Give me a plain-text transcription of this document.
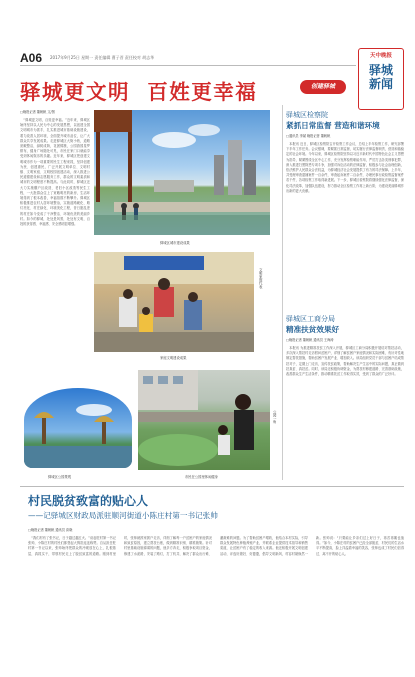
A06 2017年9月25日 星期一 责任编辑 曹子晋 责任校对 胡志华	天中晚报
驿城新闻
驿城更文明  百姓更幸福	创建驿城
□晚报记者 董帆帆 文/图
　“驿城更文明，百姓更幸福。”近年来，驿城区始终坚持以人民为中心的发展思想，以创建全国文明城市为抓手，扎实推进城市基础设施建设，着力改善人居环境，全面提升城市品位，让广大群众共享发展成果。走进驿城区大街小巷，道路宽敞整洁，绿树成荫，花团锦簇，公园游园星罗棋布，健身广场随处可见，市民在家门口就能享受到休闲娱乐的乐趣。近年来，驿城区把创建文明城市作为一项重要的民生工程来抓，坚持创建为民、创建惠民，广泛开展文明单位、文明村镇、文明家庭、文明校园创建活动，深入推进公民道德建设和志愿服务工作，群众的文明素质和城市的文明程度不断提高。与此同时，驿城区还大力实施棚户区改造、老旧小区改造等民生工程，一大批群众住上了宽敞明亮的新房，生活环境得到了根本改善，幸福指数不断攀升。驿城区积极推进农村人居环境整治，实施道路硬化、路灯亮化、村庄绿化、环境美化工程，昔日脏乱差的村庄如今变成了干净整洁、环境优美的美丽乡村。如今的驿城，处处是风景，处处有文明，百姓的获得感、幸福感、安全感明显增强。
驿城区城市建设成果
文明家庭代表
家庭文明建设成果
驿城区公园景观
公园一角
市民在公园里休闲健身
驿城区检察院
紧抓日常监督 营造和谐环境
□通讯员 李斌 晚报记者 董帆帆
　本报讯 近日，驿城区检察院召开检察工作会议，总结上半年检察工作，研究部署下半年工作任务。会议强调，要紧抓日常监督，切实履行法律监督职责，营造和谐稳定的社会环境。今年以来，驿城区检察院坚持以习近平新时代中国特色社会主义思想为指导，紧紧围绕全区中心工作，充分发挥检察职能作用，严厉打击各类刑事犯罪，深入推进扫黑除恶专项斗争，加强对诉讼活动的法律监督，积极参与社会治理创新，依法维护人民群众合法权益，为驿城经济社会发展提供了有力的司法保障。上半年，共受理审查逮捕案件一百余件，审查起诉案件二百余件，办理民事行政检察监督案件若干件，各项检察工作取得新进展。下一步，驿城区检察院将继续强化法律监督，深化司法改革，加强队伍建设，努力推动全区检察工作再上新台阶，为建设美丽驿城作出新的更大贡献。
驿城区工商分局
精准扶贫效果好
□晚报记者 董帆帆 通讯员 王海涛
　本报讯 为推进精准扶贫工作深入开展，驿城区工商分局积极开展结对帮扶活动，多次深入帮扶村走访慰问贫困户，详细了解贫困户家庭情况和实际困难，有针对性地制定帮扶措施，帮助贫困户发展产业、增加收入。该局组织党员干部与贫困户结成帮扶对子，定期上门走访，宣传扶贫政策，帮助解决生产生活中的实际问题，真正做到扶真贫、真扶贫。同时，该局还积极协调资金，为帮扶村修建道路、完善基础设施，改善群众生产生活条件，推动精准扶贫工作取得实效，受到了群众的广泛好评。
村民脱贫致富的贴心人
——记驿城区财政局派驻顺河街道小陈庄村第一书记张帅
□晚报记者 董帆帆 通讯员 高晓
　“我们村有了张书记，日子越过越红火。”谈起驻村第一书记张帅，小陈庄村的村民们都竖起大拇指连连称赞。自从担任驻村第一书记以来，张帅始终把群众的冷暖放在心上，扎根基层，真抓实干，带领村民走上了脱贫致富的道路。刚到村里时，张帅就挨家挨户走访，详细了解每一户贫困户的家庭情况和致贫原因，建立帮扶台账，做到精准识别、精准施策。针对村里基础设施薄弱的问题，他多方奔走，积极争取项目资金，修建了水泥路，安装了路灯，打了机井，解决了群众出行难、灌溉难的问题。为了帮助贫困户增收，他结合本村实际，引导群众发展特色种植养殖产业，并联系企业提供技术指导和销售渠道，让贫困户有了稳定的收入来源。他还积极开展文明创建活动，评选好媳妇、好婆婆，倡导文明新风，村容村貌焕然一新。张帅说：“只要能让乡亲们过上好日子，再苦再累也值得。”如今，小陈庄村的贫困户已经全部脱贫，村民们的生活水平不断提高，脸上洋溢着幸福的笑容，张帅也成了村民们信得过、离不开的贴心人。
